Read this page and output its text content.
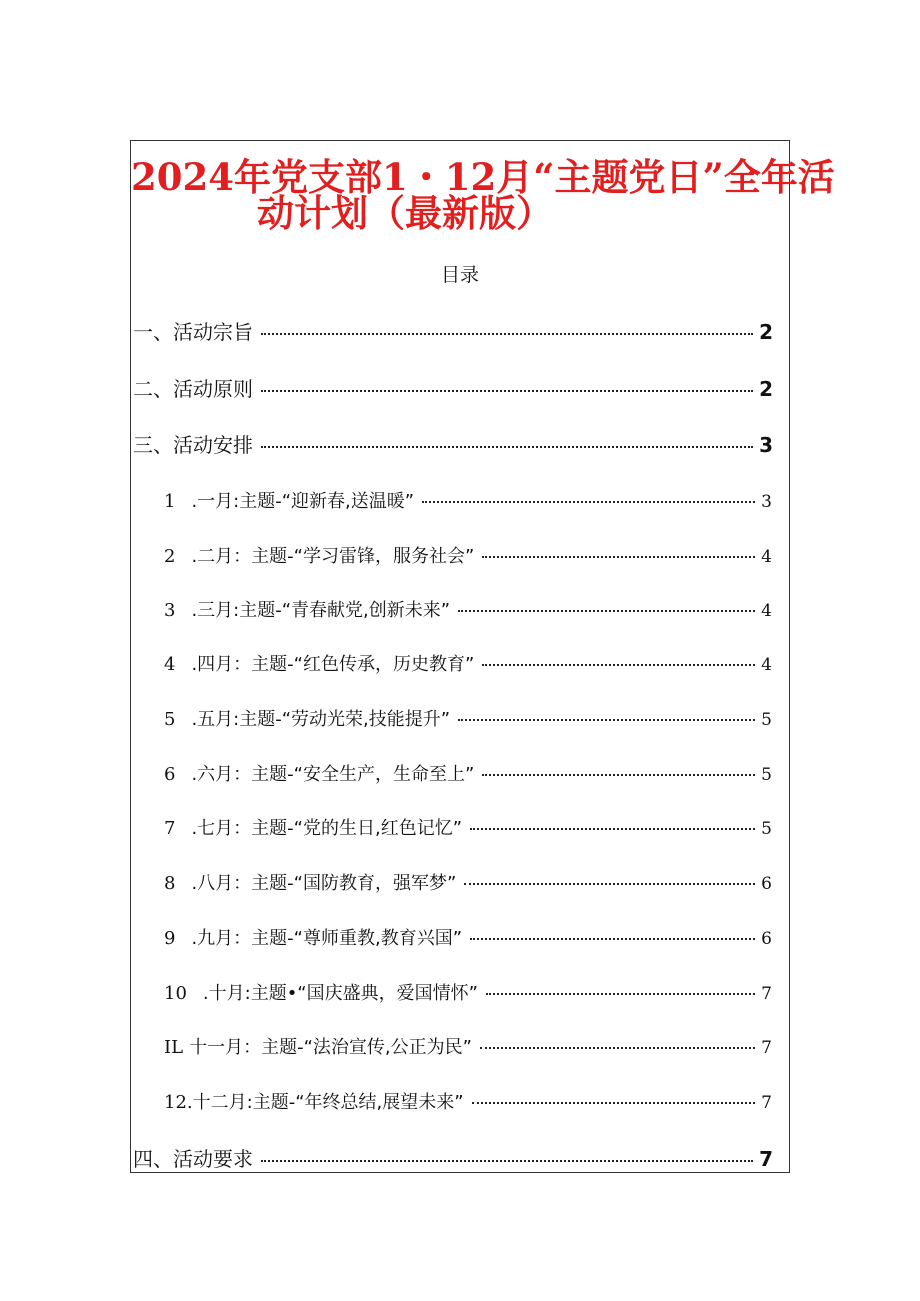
2024年党支部1・12月“主题党日”全年活
动计划（最新版）
目录
一、活动宗旨	2
二、活动原则	2
三、活动安排	3
1 .一月:主题-“迎新春,送温暖”	3
2 .二月：主题-“学习雷锋，服务社会”	4
3 .三月:主题-“青春献党,创新未来”	4
4 .四月：主题-“红色传承，历史教育”	4
5 .五月:主题-“劳动光荣,技能提升”	5
6 .六月：主题-“安全生产，生命至上”	5
7 .七月：主题-“党的生日,红色记忆”	5
8 .八月：主题-“国防教育，强军梦”	6
9 .九月：主题-“尊师重教,教育兴国”	6
10 .十月:主题•“国庆盛典，爱国情怀”	7
IL 十一月：主题-“法治宣传,公正为民”	7
12. 十二月:主题-“年终总结,展望未来”	7
四、活动要求	7
